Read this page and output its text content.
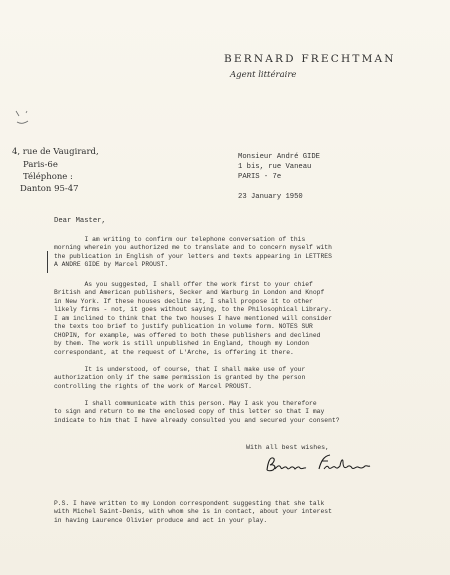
BERNARD FRECHTMAN
Agent littéraire
4, rue de Vaugirard,
Paris-6e
Téléphone :
Danton 95-47
Monsieur André GIDE
1 bis, rue Vaneau
PARIS - 7e
23 January 1950
Dear Master,
I am writing to confirm our telephone conversation of this
morning wherein you authorized me to translate and to concern myself with
the publication in English of your letters and texts appearing in LETTRES
A ANDRE GIDE by Marcel PROUST.
As you suggested, I shall offer the work first to your chief
British and American publishers, Secker and Warburg in London and Knopf
in New York. If these houses decline it, I shall propose it to other
likely firms - not, it goes without saying, to the Philosophical Library.
I am inclined to think that the two houses I have mentioned will consider
the texts too brief to justify publication in volume form. NOTES SUR
CHOPIN, for example, was offered to both these publishers and declined
by them. The work is still unpublished in England, though my London
correspondant, at the request of L'Arche, is offering it there.
It is understood, of course, that I shall make use of your
authorization only if the same permission is granted by the person
controlling the rights of the work of Marcel PROUST.
I shall communicate with this person. May I ask you therefore
to sign and return to me the enclosed copy of this letter so that I may
indicate to him that I have already consulted you and secured your consent?
With all best wishes,
P.S. I have written to my London correspondent suggesting that she talk
with Michel Saint-Denis, with whom she is in contact, about your interest
in having Laurence Olivier produce and act in your play.
